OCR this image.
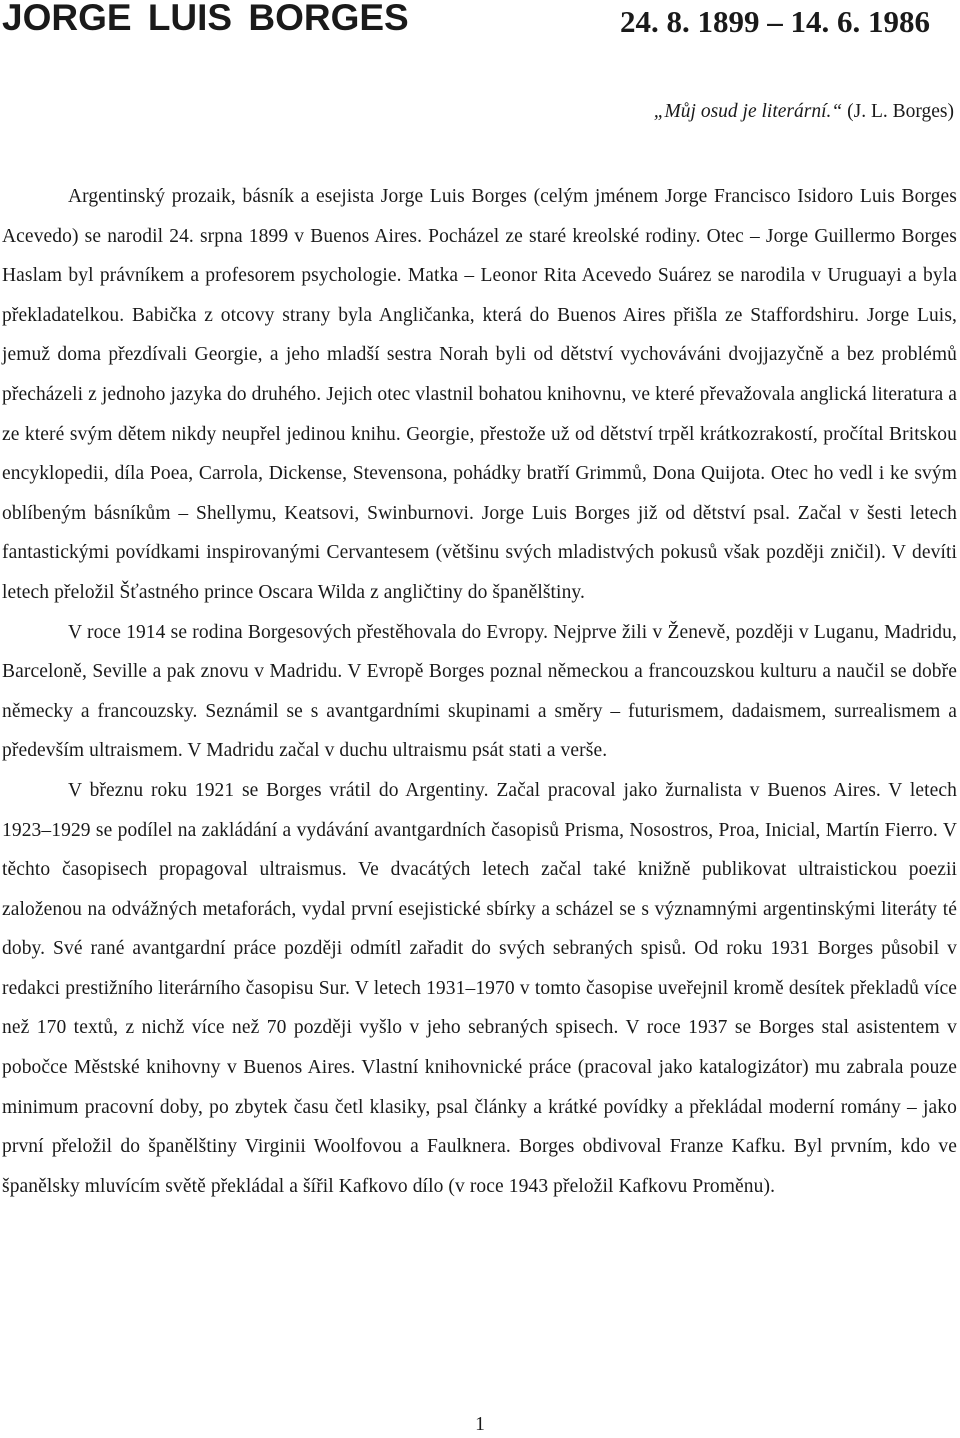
JORGE LUIS BORGES	24. 8. 1899 – 14. 6. 1986
„Můj osud je literární.“ (J. L. Borges)

Argentinský prozaik, básník a esejista Jorge Luis Borges (celým jménem Jorge Francisco Isidoro Luis Borges Acevedo) se narodil 24. srpna 1899 v Buenos Aires. Pocházel ze staré kreolské rodiny. Otec – Jorge Guillermo Borges Haslam byl právníkem a profesorem psychologie. Matka – Leonor Rita Acevedo Suárez se narodila v Uruguayi a byla překladatelkou. Babička z otcovy strany byla Angličanka, která do Buenos Aires přišla ze Staffordshiru. Jorge Luis, jemuž doma přezdívali Georgie, a jeho mladší sestra Norah byli od dětství vychováváni dvojjazyčně a bez problémů přecházeli z jednoho jazyka do druhého. Jejich otec vlastnil bohatou knihovnu, ve které převažovala anglická literatura a ze které svým dětem nikdy neupřel jedinou knihu. Georgie, přestože už od dětství trpěl krátkozrakostí, pročítal Britskou encyklopedii, díla Poea, Carrola, Dickense, Stevensona, pohádky bratří Grimmů, Dona Quijota. Otec ho vedl i ke svým oblíbeným básníkům – Shellymu, Keatsovi, Swinburnovi. Jorge Luis Borges již od dětství psal. Začal v šesti letech fantastickými povídkami inspirovanými Cervantesem (většinu svých mladistvých pokusů však později zničil). V devíti letech přeložil Šťastného prince Oscara Wilda z angličtiny do španělštiny.

V roce 1914 se rodina Borgesových přestěhovala do Evropy. Nejprve žili v Ženevě, později v Luganu, Madridu, Barceloně, Seville a pak znovu v Madridu. V Evropě Borges poznal německou a francouzskou kulturu a naučil se dobře německy a francouzsky. Seznámil se s avantgardními skupinami a směry – futurismem, dadaismem, surrealismem a především ultraismem. V Madridu začal v duchu ultraismu psát stati a verše.

V březnu roku 1921 se Borges vrátil do Argentiny. Začal pracoval jako žurnalista v Buenos Aires. V letech 1923–1929 se podílel na zakládání a vydávání avantgardních časopisů Prisma, Nosostros, Proa, Inicial, Martín Fierro. V těchto časopisech propagoval ultraismus. Ve dvacátých letech začal také knižně publikovat ultraistickou poezii založenou na odvážných metaforách, vydal první esejistické sbírky a scházel se s významnými argentinskými literáty té doby. Své rané avantgardní práce později odmítl zařadit do svých sebraných spisů. Od roku 1931 Borges působil v redakci prestižního literárního časopisu Sur. V letech 1931–1970 v tomto časopise uveřejnil kromě desítek překladů více než 170 textů, z nichž více než 70 později vyšlo v jeho sebraných spisech. V roce 1937 se Borges stal asistentem v pobočce Městské knihovny v Buenos Aires. Vlastní knihovnické práce (pracoval jako katalogizátor) mu zabrala pouze minimum pracovní doby, po zbytek času četl klasiky, psal články a krátké povídky a překládal moderní romány – jako první přeložil do španělštiny Virginii Woolfovou a Faulknera. Borges obdivoval Franze Kafku. Byl prvním, kdo ve španělsky mluvícím světě překládal a šířil Kafkovo dílo (v roce 1943 přeložil Kafkovu Proměnu).

1
